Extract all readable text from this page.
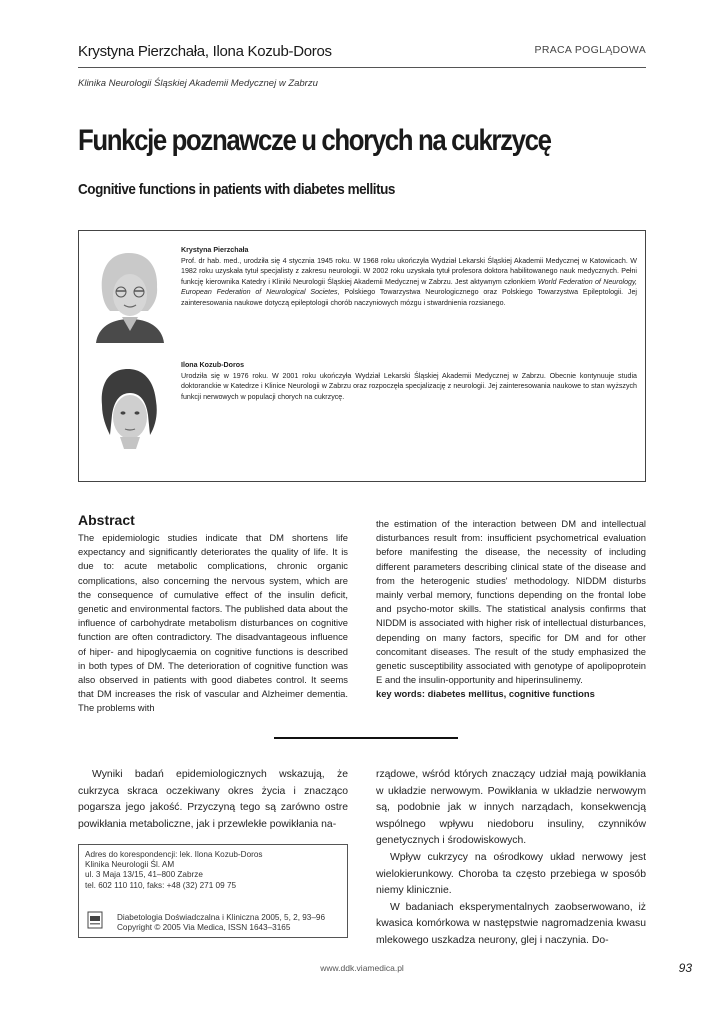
Krystyna Pierzchała, Ilona Kozub-Doros	PRACA POGLĄDOWA
Klinika Neurologii Śląskiej Akademii Medycznej w Zabrzu
Funkcje poznawcze u chorych na cukrzycę
Cognitive functions in patients with diabetes mellitus
Krystyna Pierzchała
Prof. dr hab. med., urodziła się 4 stycznia 1945 roku. W 1968 roku ukończyła Wydział Lekarski Śląskiej Akademii Medycznej w Katowicach. W 1982 roku uzyskała tytuł specjalisty z zakresu neurologii. W 2002 roku uzyskała tytuł profesora doktora habilitowanego nauk medycznych. Pełni funkcję kierownika Katedry i Kliniki Neurologii Śląskiej Akademii Medycznej w Zabrzu. Jest aktywnym członkiem World Federation of Neurology, European Federation of Neurological Societes, Polskiego Towarzystwa Neurologicznego oraz Polskiego Towarzystwa Epileptologii. Jej zainteresowania naukowe dotyczą epileptologii chorób naczyniowych mózgu i stwardnienia rozsianego.
Ilona Kozub-Doros
Urodziła się w 1976 roku. W 2001 roku ukończyła Wydział Lekarski Śląskiej Akademii Medycznej w Zabrzu. Obecnie kontynuuje studia doktoranckie w Katedrze i Klinice Neurologii w Zabrzu oraz rozpoczęła specjalizację z neurologii. Jej zainteresowania naukowe to stan wyższych funkcji nerwowych w populacji chorych na cukrzycę.
Abstract
The epidemiologic studies indicate that DM shortens life expectancy and significantly deteriorates the quality of life. It is due to: acute metabolic complications, chronic organic complications, also concerning the nervous system, which are the consequence of cumulative effect of the insulin deficit, genetic and environmental factors. The published data about the influence of carbohydrate metabolism disturbances on cognitive function are often contradictory. The disadvantageous influence of hiper- and hipoglycaemia on cognitive functions is described in both types of DM. The deterioration of cognitive function was also observed in patients with good diabetes control. It seems that DM increases the risk of vascular and Alzheimer dementia. The problems with
the estimation of the interaction between DM and intellectual disturbances result from: insufficient psychometrical evaluation before manifesting the disease, the necessity of including different parameters describing clinical state of the disease and from the heterogenic studies' methodology. NIDDM disturbs mainly verbal memory, functions depending on the frontal lobe and psycho-motor skills. The statistical analysis confirms that NIDDM is associated with higher risk of intellectual disturbances, depending on many factors, specific for DM and for other concomitant diseases. The result of the study emphasized the genetic susceptibility associated with genotype of apolipoprotein E and the insulin-opportunity and hiperinsulinemy.
key words: diabetes mellitus, cognitive functions

Wyniki badań epidemiologicznych wskazują, że cukrzyca skraca oczekiwany okres życia i znacząco pogarsza jego jakość. Przyczyną tego są zarówno ostre powikłania metaboliczne, jak i przewlekłe powikłania na-

rządowe, wśród których znaczący udział mają powikłania w układzie nerwowym. Powikłania w układzie nerwowym są, podobnie jak w innych narządach, konsekwencją wspólnego wpływu niedoboru insuliny, czynników genetycznych i środowiskowych.

Wpływ cukrzycy na ośrodkowy układ nerwowy jest wielokierunkowy. Choroba ta często przebiega w sposób niemy klinicznie.

W badaniach eksperymentalnych zaobserwowano, iż kwasica komórkowa w następstwie nagromadzenia kwasu mlekowego uszkadza neurony, glej i naczynia. Do-

Adres do korespondencji: lek. Ilona Kozub-Doros
Klinika Neurologii Śl. AM
ul. 3 Maja 13/15, 41–800 Zabrze
tel. 602 110 110, faks: +48 (32) 271 09 75
Diabetologia Doświadczalna i Kliniczna 2005, 5, 2, 93–96
Copyright © 2005 Via Medica, ISSN 1643–3165
www.ddk.viamedica.pl	93
